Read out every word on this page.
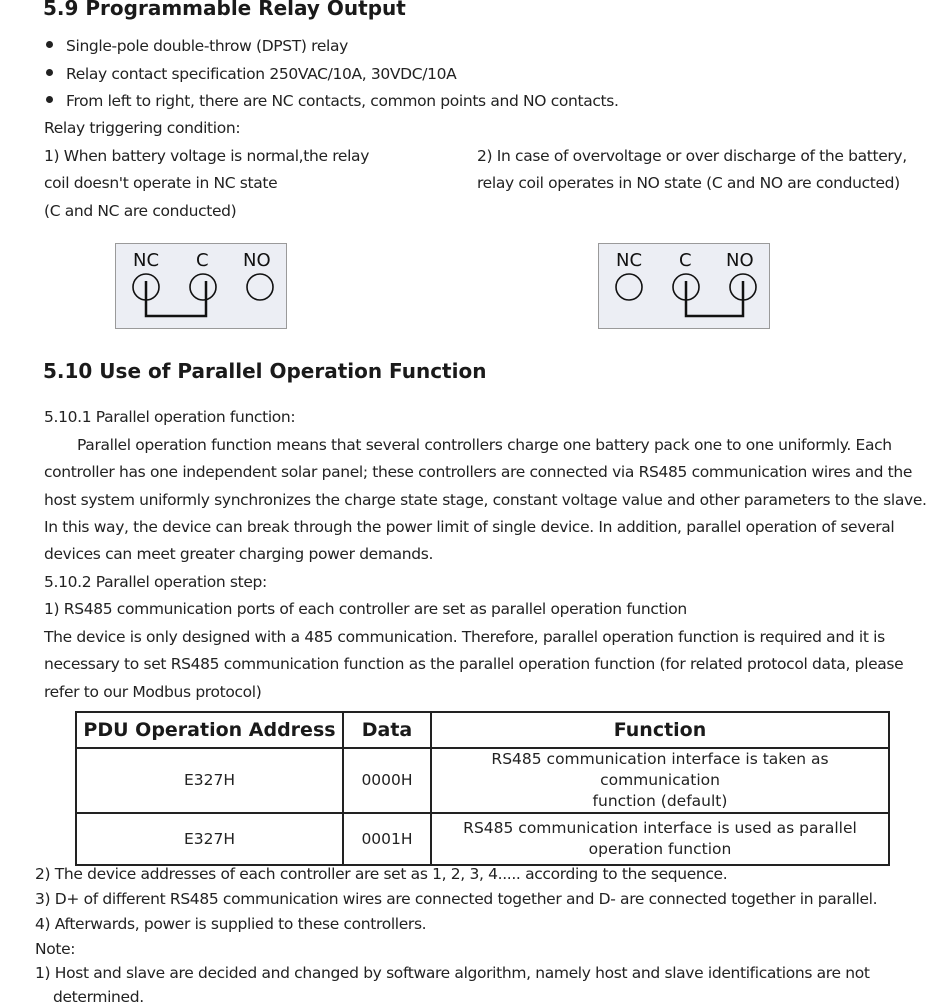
5.9 Programmable Relay Output
Single-pole double-throw (DPST) relay
Relay contact specification 250VAC/10A, 30VDC/10A
From left to right, there are NC contacts, common points and NO contacts.
Relay triggering condition:
1) When battery voltage is normal,the relay
coil doesn't operate in NC state
(C and NC are conducted)
2) In case of overvoltage or over discharge of the battery,
relay coil operates in NO state (C and NO are conducted)
NC C NO	NC C NO
5.10 Use of Parallel Operation Function
5.10.1 Parallel operation function:
Parallel operation function means that several controllers charge one battery pack one to one uniformly. Each
controller has one independent solar panel; these controllers are connected via RS485 communication wires and the
host system uniformly synchronizes the charge state stage, constant voltage value and other parameters to the slave.
In this way, the device can break through the power limit of single device. In addition, parallel operation of several
devices can meet greater charging power demands.
5.10.2 Parallel operation step:
1) RS485 communication ports of each controller are set as parallel operation function
The device is only designed with a 485 communication. Therefore, parallel operation function is required and it is
necessary to set RS485 communication function as the parallel operation function (for related protocol data, please
refer to our Modbus protocol)
PDU Operation Address	Data	Function
E327H	0000H	RS485 communication interface is taken as communication
function (default)

E327H	0001H	RS485 communication interface is used as parallel
operation function
2) The device addresses of each controller are set as 1, 2, 3, 4..... according to the sequence.
3) D+ of different RS485 communication wires are connected together and D- are connected together in parallel.
4) Afterwards, power is supplied to these controllers.
Note:
1) Host and slave are decided and changed by software algorithm, namely host and slave identifications are not
determined.
